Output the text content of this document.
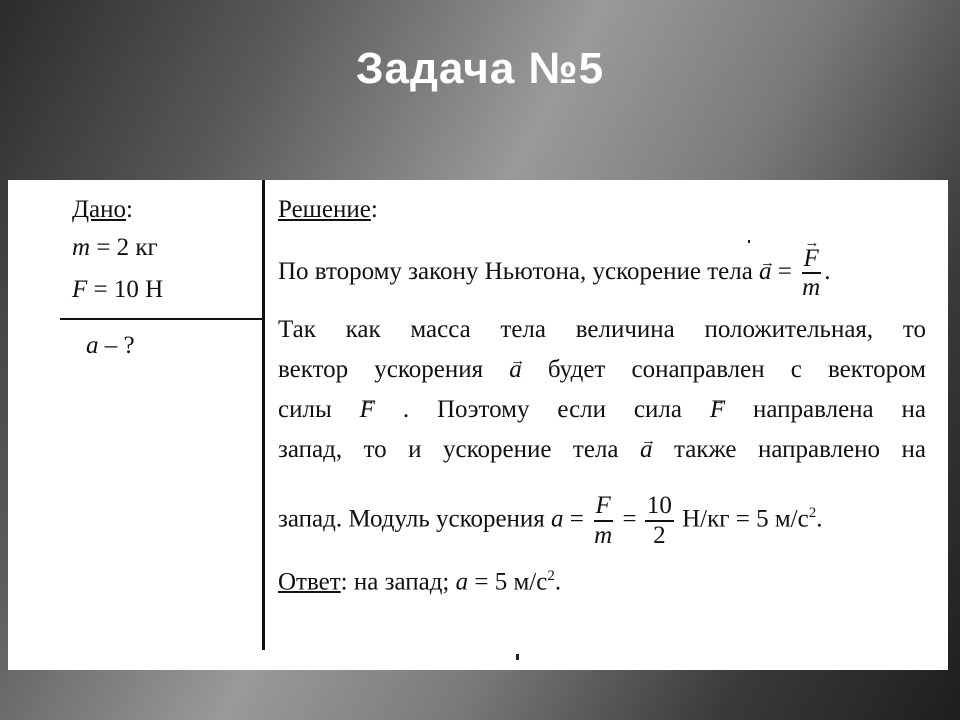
Задача №5
Дано:
m = 2 кг
F = 10 Н
a – ?
Решение:
По второму закону Ньютона, ускорение тела → a =
→ $\frac{F}{m}$ .
Так как масса тела величина положительная, то
вектор ускорения → a будет сонаправлен с вектором
силы → F . Поэтому если сила → F направлена на
запад, то и ускорение тела → a также направлено на
запад. Модуль ускорения $a = \frac{F}{m} = \frac{10}{2} Н/кг = 5$ $м/с^2$.
Ответ: на запад; a = 5 $м/с^2$.
